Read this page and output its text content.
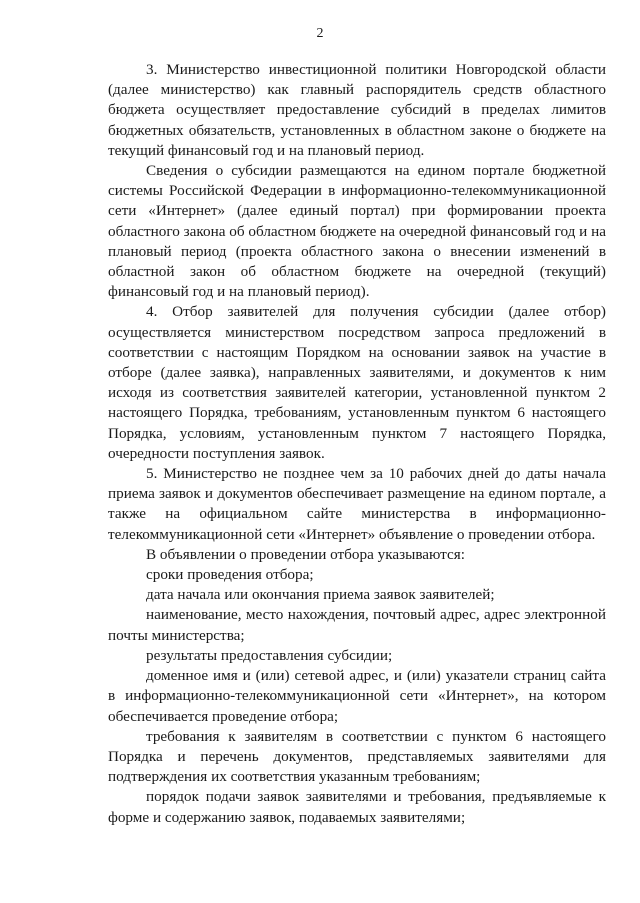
2

3. Министерство инвестиционной политики Новгородской области (далее министерство) как главный распорядитель средств областного бюджета осуществляет предоставление субсидий в пределах лимитов бюджетных обязательств, установленных в областном законе о бюджете на текущий финансовый год и на плановый период.

Сведения о субсидии размещаются на едином портале бюджетной системы Российской Федерации в информационно-телекоммуникационной сети «Интернет» (далее единый портал) при формировании проекта областного закона об областном бюджете на очередной финансовый год и на плановый период (проекта областного закона о внесении изменений в областной закон об областном бюджете на очередной (текущий) финансовый год и на плановый период).

4. Отбор заявителей для получения субсидии (далее отбор) осуществляется министерством посредством запроса предложений в соответствии с настоящим Порядком на основании заявок на участие в отборе (далее заявка), направленных заявителями, и документов к ним исходя из соответствия заявителей категории, установленной пунктом 2 настоящего Порядка, требованиям, установленным пунктом 6 настоящего Порядка, условиям, установленным пунктом 7 настоящего Порядка, очередности поступления заявок.

5. Министерство не позднее чем за 10 рабочих дней до даты начала приема заявок и документов обеспечивает размещение на едином портале, а также на официальном сайте министерства в информационно-телекоммуникационной сети «Интернет» объявление о проведении отбора.

В объявлении о проведении отбора указываются:

сроки проведения отбора;

дата начала или окончания приема заявок заявителей;

наименование, место нахождения, почтовый адрес, адрес электронной почты министерства;

результаты предоставления субсидии;

доменное имя и (или) сетевой адрес, и (или) указатели страниц сайта в информационно-телекоммуникационной сети «Интернет», на котором обеспечивается проведение отбора;

требования к заявителям в соответствии с пунктом 6 настоящего Порядка и перечень документов, представляемых заявителями для подтверждения их соответствия указанным требованиям;

порядок подачи заявок заявителями и требования, предъявляемые к форме и содержанию заявок, подаваемых заявителями;
